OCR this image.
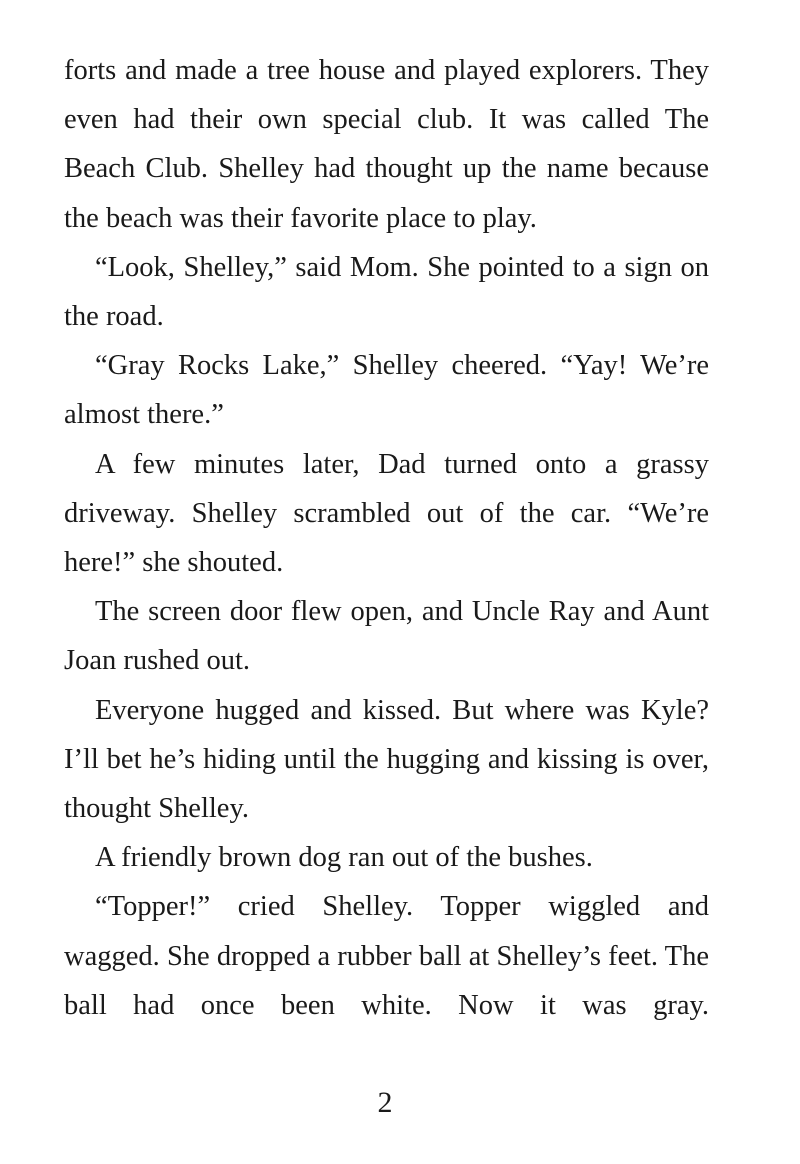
forts and made a tree house and played explorers. They even had their own special club. It was called The Beach Club. Shelley had thought up the name because the beach was their favorite place to play.

“Look, Shelley,” said Mom. She pointed to a sign on the road.

“Gray Rocks Lake,” Shelley cheered. “Yay! We’re almost there.”

A few minutes later, Dad turned onto a grassy driveway. Shelley scrambled out of the car. “We’re here!” she shouted.

The screen door flew open, and Uncle Ray and Aunt Joan rushed out.

Everyone hugged and kissed. But where was Kyle? I’ll bet he’s hiding until the hugging and kissing is over, thought Shelley.

A friendly brown dog ran out of the bushes.

“Topper!” cried Shelley. Topper wiggled and wagged. She dropped a rubber ball at Shelley’s feet. The ball had once been white. Now it was gray.

2
